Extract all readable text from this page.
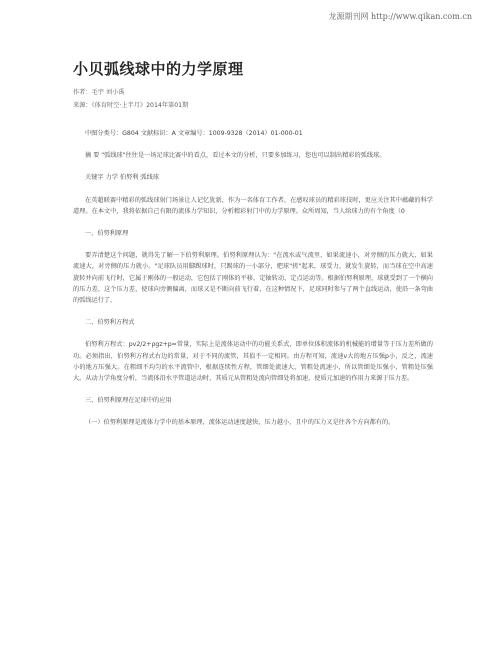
龙源期刊网 http://www.qikan.com.cn
小贝弧线球中的力学原理
作者：毛宇 刘小禹
来源：《体育时空·上半月》2014年第01期

中图分类号：G804 文献标识：A 文章编号：1009-9328（2014）01-000-01

摘 要 "弧线球"往往是一场足球比赛中的看点，看过本文的分析，只要多加练习，您也可以制出精彩的弧线球。

关键字 力学 伯努利 弧线球

在英超联赛中精彩的弧线球射门场景让人记忆犹新，作为一名体育工作者，在感叹球员的精彩球技时，更应关注其中蕴藏的科学道理。在本文中，我将依据自己有限的流体力学知识，分析精彩射门中的力学原理。众所周知，当人给球力的有个角度（0

一、伯努利原理

要弄清楚这个问题，就得先了解一下伯努利原理。伯努利原理认为："在流水或气流里，如果流速小，对旁侧的压力就大，如果流速大，对旁侧的压力就小。"足球队员用脚踢球时，只踢球的一小部分，把球"搓"起来，球受力，就发生旋转，而当球在空中高速旋转并向前飞行时，它属于刚体的一般运动，它包括了刚体的平移、定轴转动、定点运动等。根据伯努利原理，球就受到了一个横向的压力差，这个压力差，使球向旁侧偏离，而球又是不断向前飞行着，在这种情况下，足球同时参与了两个直线运动，使沿一条弯曲的弧线运行了。

二、伯努利方程式

伯努利方程式：pv2/2+ρgz+p=常量，实际上是流体运动中的功能关系式，即单位体积流体的机械能的增量等于压力差所做的功。必须指出，伯努利方程式右边的常量，对于不同的流管，其值不一定相同。由方程可知，流速v大的地方压强p小，反之，流速小的地方压强大。在粗细不均匀的水平流管中，根据连续性方程，管细处流速大，管粗处流速小，所以管细处压强小，管粗处压强大。从动力学角度分析，当流体沿水平管道运动时，其质元从管粗处流向管细处将加速，使质元加速的作用力来源于压力差。

三、伯努利原理在足球中的应用

（一）伯努利原理是流体力学中的基本原理，流体运动速度越快，压力越小，且中的压力又是往各个方向都有的。
